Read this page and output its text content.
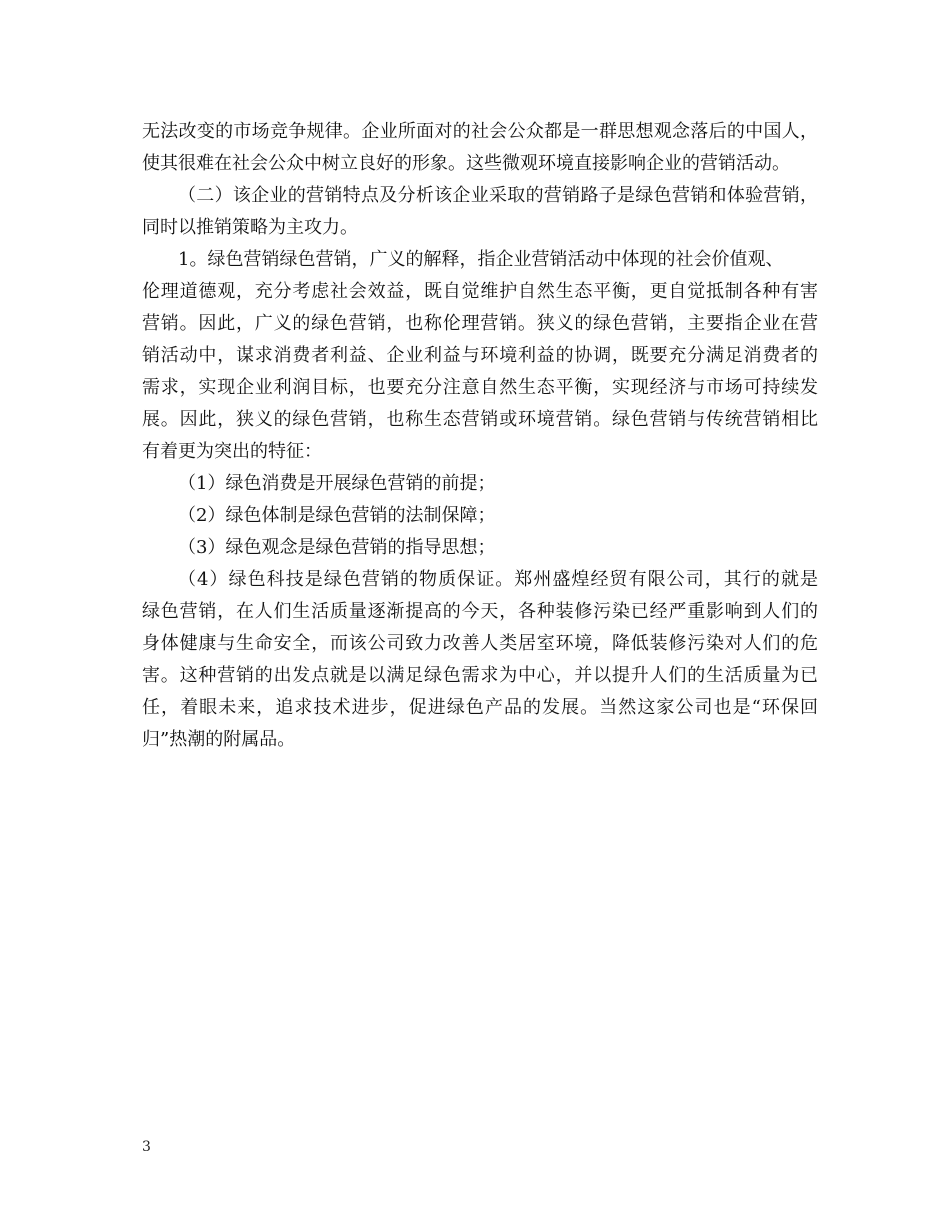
无法改变的市场竞争规律。企业所面对的社会公众都是一群思想观念落后的中国人，
使其很难在社会公众中树立良好的形象。这些微观环境直接影响企业的营销活动。
（二）该企业的营销特点及分析该企业采取的营销路子是绿色营销和体验营销，
同时以推销策略为主攻力。
1。绿色营销绿色营销，广义的解释，指企业营销活动中体现的社会价值观、
伦理道德观，充分考虑社会效益，既自觉维护自然生态平衡，更自觉抵制各种有害
营销。因此，广义的绿色营销，也称伦理营销。狭义的绿色营销，主要指企业在营
销活动中，谋求消费者利益、企业利益与环境利益的协调，既要充分满足消费者的
需求，实现企业利润目标，也要充分注意自然生态平衡，实现经济与市场可持续发
展。因此，狭义的绿色营销，也称生态营销或环境营销。绿色营销与传统营销相比
有着更为突出的特征：
（1）绿色消费是开展绿色营销的前提；
（2）绿色体制是绿色营销的法制保障；
（3）绿色观念是绿色营销的指导思想；
（4）绿色科技是绿色营销的物质保证。郑州盛煌经贸有限公司，其行的就是
绿色营销，在人们生活质量逐渐提高的今天，各种装修污染已经严重影响到人们的
身体健康与生命安全，而该公司致力改善人类居室环境，降低装修污染对人们的危
害。这种营销的出发点就是以满足绿色需求为中心，并以提升人们的生活质量为已
任，着眼未来，追求技术进步，促进绿色产品的发展。当然这家公司也是“环保回
归”热潮的附属品。
3
